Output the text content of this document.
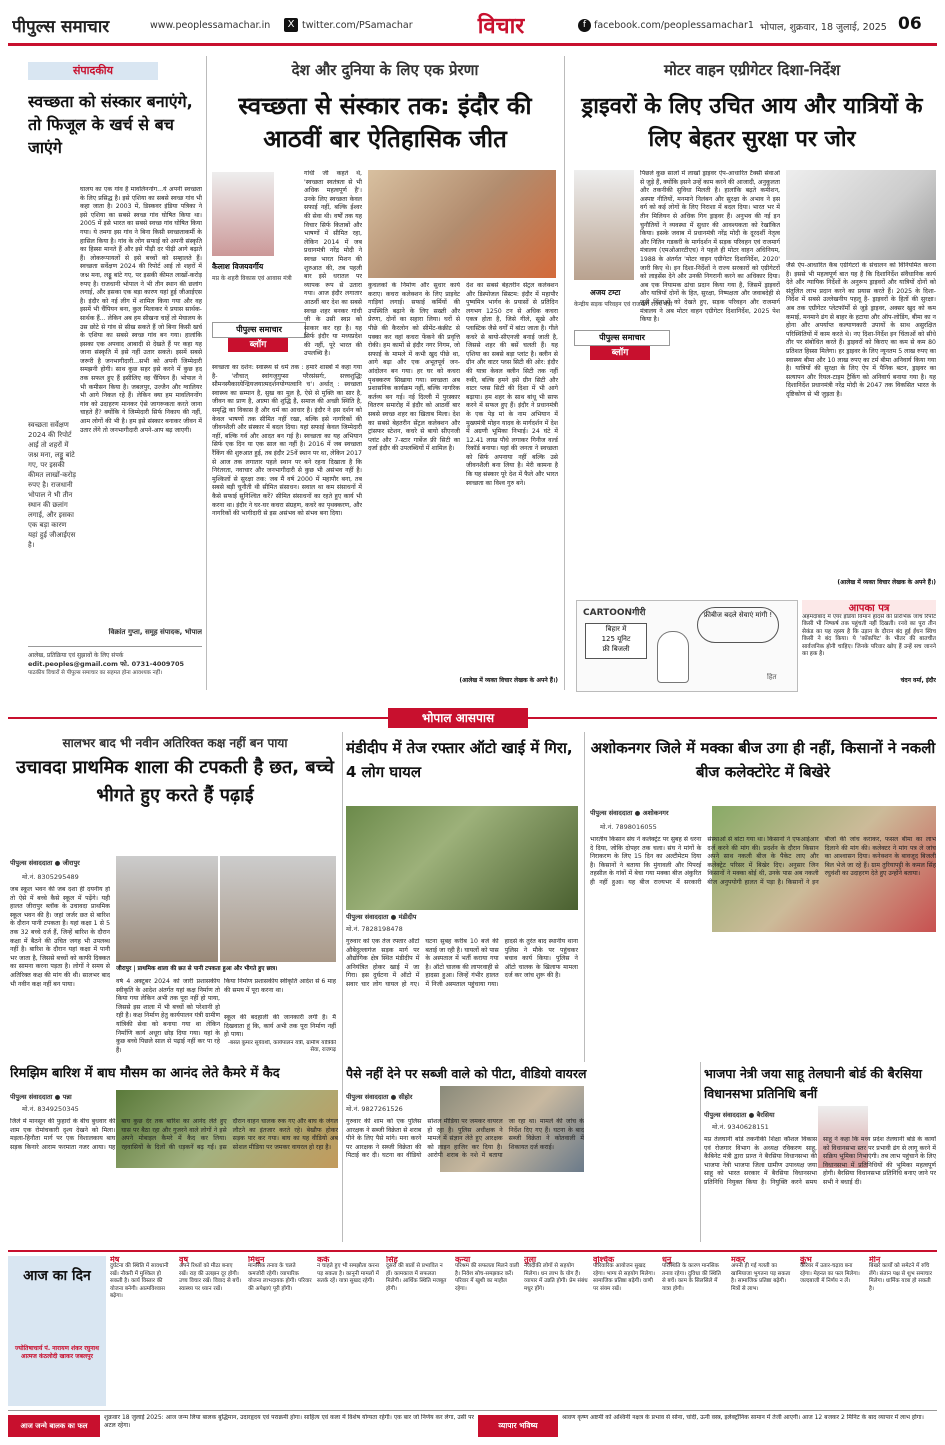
पीपुल्स समाचार	www.peoplessamachar.in	X twitter.com/PSamachar	विचार	f facebook.com/peoplessamachar1 भोपाल, शुक्रवार, 18 जुलाई, 2025 06
संपादकीय
स्वच्छता को संस्कार बनाएंगे, तो फिजूल के खर्च से बच जाएंगे
घालय का एक गांव है मावलिननोंग...ये अपनी स्वच्छता के लिए प्रसिद्ध है। इसे एशिया का सबसे स्वच्छ गांव भी कहा जाता है। 2003 में, डिस्कवर इंडिया पत्रिका ने इसे एशिया का सबसे स्वच्छ गांव घोषित किया था। 2005 में इसे भारत का सबसे स्वच्छ गांव घोषित किया गया। ये तमगा इस गांव ने बिना किसी स्वच्छताकर्मी के हासिल किया है। गांव के लोग सफाई को अपनी संस्कृति का हिस्सा मानते हैं और इसे पीढ़ी दर पीढ़ी आगे बढ़ाते हैं। लोकरूपायलों से इसे बच्चों को सम्हालते हैं। स्वच्छता सर्वेक्षण 2024 की रिपोर्ट आई तो शहरों में जश्न मना, लड्डू बांटे गए, पर इसकी कीमत लाखों-करोड़ रुपए है। राजधानी भोपाल ने भी तीन स्थान की छलांग लगाई, और इसका एक बड़ा कारण यहां हुई जीआईएस है। इंदौर को नई लीग में शामिल किया गया और वह इसमें भी चैंपियन बना, कुल मिलाकर ये प्रयास सार्थक-सार्थक हैं... लेकिन अब हम सीखना चाहें तो मेघालय के उस छोटे से गांव से सीख सकते हैं जो बिना किसी खर्च के एशिया का सबसे स्वच्छ गांव बन गया। हालांकि इसका एक अपवाद आबादी से देखते हैं पर कहा यह जाना संस्कृति में इसे नहीं उतार सकते। इसमें सबसे जरूरी है जनभागीदारी...सभी को अपनी जिम्मेदारी समझनी होगी। साथ कुछ सहर इसे करने में कुछ हद तक सफल हुए हैं इसीलिए वह चैंपियन हैं। भोपाल ने भी कमीसन किया है। जबलपुर, उज्जैन और ग्वालियर भी आगे निकल रहे हैं। लेकिन क्या हम मावलिननोंग गांव को उदाहरण मानकर ऐसे जागरूकता करते जाना चाहते हैं? क्योंकि ये जिम्मेदारी सिर्फ निकाय की नहीं, आम लोगों की भी है। हम इसे संस्कार बनाकर जीवन में उतार लेंगे तो जनभागीदारी अपने-आप बढ़ जाएगी।
स्वच्छता सर्वेक्षण 2024 की रिपोर्ट आई तो शहरों में जश्न मना, लड्डू बांटे गए, पर इसकी कीमत लाखों-करोड़ रुपए है। राजधानी भोपाल ने भी तीन स्थान की छलांग लगाई, और इसका एक बड़ा कारण यहां हुई जीआईएस है।
विक्रांत गुप्ता, समूह संपादक, भोपाल
आलेख, प्रतिक्रिया एवं सुझावों के लिए संपर्क
edit.peoples@gmail.com फो. 0731-4009705
पाठकीय विचारों से पीपुल्स समाचार का सहमत होना आवश्यक नहीं।
देश और दुनिया के लिए एक प्रेरणा
स्वच्छता से संस्कार तक: इंदौर की आठवीं बार ऐतिहासिक जीत
कैलाश विजयवर्गीय
मप्र के शहरी विकास एवं आवास मंत्री
पीपुल्स समाचार
ब्लॉग
गांधी जी कहते थे, 'स्वच्छता स्वतंत्रता से भी अधिक महत्वपूर्ण है'। उनके लिए स्वच्छता केवल सफाई नहीं, बल्कि ईश्वर की सेवा थी। वर्षों तक यह विचार सिर्फ किताबों और भाषणों में सीमित रहा, लेकिन 2014 में जब प्रधानमंत्री नरेंद्र मोदी ने स्वच्छ भारत मिशन की शुरुआत की, तब पहली बार इसे धरातल पर व्यापक रूप से उतारा गया। आज इंदौर लगातार आठवीं बार देश का सबसे स्वच्छ शहर बनकर गांधी जी के उसी स्वप्न को साकार कर रहा है। यह सिर्फ इंदौर या मध्यप्रदेश की नहीं, पूरे भारत की उपलब्धि है।
स्वच्छता का दर्शन: स्वास्थ्य से धर्म तक : हमारे शास्त्रों में कहा गया है- 'शौचात् स्वांगजुगुप्सा परैरसंसर्गः, सत्त्वशुद्धिः सौमनस्यैकाग्र्येन्द्रियजयात्मदर्शनयोग्यत्वानि च'। अर्थात् : स्वच्छता स्वास्थ्य का सम्मान है, सुख का मूल है, ऐसे से मुक्ति का सार है, जीवन का प्राण है, आत्मा की शुद्धि है, समाज की अच्छी स्थिति है, समृद्धि का विकास है और धर्म का आधार है। इंदौर ने इस दर्शन को केवल भाषणों तक सीमित नहीं रखा, बल्कि इसे नागरिकों की जीवनशैली और संस्कार में बदल दिया। यहां सफाई केवल जिम्मेदारी नहीं, बल्कि गर्व और आदत बन गई है। स्वच्छता का यह अभियान सिर्फ एक दिन या एक साल का नहीं है। 2016 में जब स्वच्छता रैंकिंग की शुरुआत हुई, तब इंदौर 25वें स्थान पर था, लेकिन 2017 से आज तक लगातार पहले स्थान पर बने रहना दिखाता है कि निरंतरता, नवाचार और जनभागीदारी से कुछ भी असंभव नहीं है। मुश्किलों से सुरक्षा तक: जब मैं वर्ष 2000 में महापौर बना, तब सबसे बड़ी चुनौती थी सीमित संसाधन। सवाल था कम संसाधनों में कैसे सफाई सुनिश्चित करें? सीमित संसाधनों का रहते हुए कार्य भी करना था। इंदौर ने घर-घर कचरा संग्रहण, कचरे का पृथक्करण, और नागरिकों की भागीदारी से इस असंभव को संभव बना दिया।
कुचलकों के निर्माण और सुधार कार्य कराए। कचरा कलेक्शन के लिए प्राइवेट गाड़ियां लगाई। सफाई कर्मियों की उपस्थिति बढ़ाने के लिए सख्ती और प्रेरणा, दोनों का सहारा लिया। घरों से पीछे की कैरलोन को सीमेंट-कंक्रीट से पक्का कर वहां कचरा फेंकने की प्रवृत्ति रोकी। हम कामों से इंदौर नगर निगम, जो सफाई के मामले में कभी खुद पीछे था, आगे बढ़ा और एक अभूतपूर्व जन-आंदोलन बन गया। हर घर को कचरा पृथक्करण सिखाया गया। स्वच्छता अब प्रशासनिक कार्यक्रम नहीं, बल्कि नागरिक कर्तव्य बन गई। नई दिल्ली में पुरस्कार वितरण समारोह में इंदौर को आठवीं बार सबसे स्वच्छ शहर का खिताब मिला। देश का सबसे बेहतरीन सेंट्रल कलेक्शन और ट्रांसफर स्टेशन, कचरे से बायो सीएनजी प्लांट और 7-स्टार गार्बेज फ्री सिटी का दर्जा इंदौर की उपलब्धियों में शामिल है।
देश का सबसे बेहतरीन सेंट्रल कलेक्शन और डिस्पोजल सिस्टम: इंदौर में महापौर पुष्यमित्र भार्गव के प्रयासों से प्रतिदिन लगभग 1250 टन से अधिक कचरा एकत्र होता है, जिसे गीले, सूखे और प्लास्टिक जैसे वर्गों में बांटा जाता है। गीले कचरे से बायो-सीएनजी बनाई जाती है, जिससे शहर की बसें चलती हैं। यह एशिया का सबसे बड़ा प्लांट है। क्लीन से ग्रीन और वाटर प्लस सिटी की ओर: इंदौर की यात्रा केवल क्लीन सिटी तक नहीं रुकी, बल्कि हमने इसे ग्रीन सिटी और वाटर प्लस सिटी की दिशा में भी आगे बढ़ाया। हम शहर के साथ बांधू भी साफ करने में सफल हुए हैं। इंदौर ने प्रधानमंत्री के एक पेड़ मां के नाम अभियान में मुख्यमंत्री मोहन यादव के मार्गदर्शन में देश में अग्रणी भूमिका निभाई। 24 घंटे में 12.41 लाख पौधे लगाकर गिनीज वर्ल्ड रिकॉर्ड बनाया। यहां की जनता ने स्वच्छता को सिर्फ अपनाया नहीं बल्कि उसे जीवनशैली बना लिया है। मेरी कामना है कि यह संस्कार पूरे देश में फैले और भारत स्वच्छता का विश्व गुरु बने।
(आलेख में व्यक्त विचार लेखक के अपने हैं।)
मोटर वाहन एग्रीगेटर दिशा-निर्देश
ड्राइवरों के लिए उचित आय और यात्रियों के लिए बेहतर सुरक्षा पर जोर
अजय टम्टा
केन्द्रीय सड़क परिवहन एवं राजमार्ग राज्य मंत्री
पीपुल्स समाचार
ब्लॉग
पिछले कुछ सालों में लाखों ड्राइवर ऐप-आधारित टैक्सी सेवाओं से जुड़े हैं, क्योंकि इसने उन्हें काम करने की आजादी, अनुकूलता और तकनीकी सुविधा मिलती है। हालांकि बढ़ते कमीशन, अस्पष्ट नीतियों, मनमाने निलंबन और सुरक्षा के अभाव ने इस वर्ग को कई लोगों के लिए निराशा में बदल दिया। भारत भर में तीन मिलियन से अधिक गिग ड्राइवर हैं। अनुभव की नई इन चुनौतियों ने व्यवस्था में सुधार की आवश्यकता को रेखांकित किया। इसके जवाब में प्रधानमंत्री नरेंद्र मोदी के दूरदर्शी नेतृत्व और नितिन गडकरी के मार्गदर्शन में सड़क परिवहन एवं राजमार्ग मंत्रालय (एमओआरटीएच) ने पहले ही मोटर वाहन अधिनियम, 1988 के अंतर्गत 'मोटर वाहन एग्रीगेटर दिशानिर्देश, 2020' जारी किए थे। इन दिशा-निर्देशों ने राज्य सरकारों को एग्रीगेटरों को लाइसेंस देने और उनकी निगरानी करने का अधिकार दिया। अब एक नियामक ढांचा प्रदान किया गया है, जिसमें ड्राइवरों और यात्रियों दोनों के हित, सुरक्षा, निष्पक्षता और जवाबदेही से जुड़ी चिंताओं को देखते हुए, सड़क परिवहन और राजमार्ग मंत्रालय ने अब मोटर वाहन एग्रीगेटर दिशानिर्देश, 2025 पेश किया है।
जैसे ऐप-आधारित कैब एग्रीगेटरों के संचालन को विनियमित करना है। इससे भी महत्वपूर्ण बात यह है कि दिशानिर्देश संवैधानिक कार्य देते और न्यायिक निर्देशों के अनुरूप ड्राइवरों और यात्रियों दोनों को संतुलित लाभ प्रदान करने का प्रयास करते हैं। 2025 के दिशा-निर्देश में सबसे उल्लेखनीय पहलू है- ड्राइवरों के हितों की सुरक्षा। अब तक एग्रीगेटर प्लेटफॉर्मों से जुड़े ड्राइवर, अक्सर खुद को कम कमाई, मनमाने ढंग से बाहर के हटाया और ऑप-लोडिंग, बीमा का न होना और अपर्याप्त कल्याणकारी उपायों के साथ असुरक्षित परिस्थितियों में काम करते थे। नए दिशा-निर्देश इन चिंताओं को सीधे तौर पर संबोधित करते हैं। ड्राइवरों को किराए का कम से कम 80 प्रतिशत हिस्सा मिलेगा। हर ड्राइवर के लिए न्यूनतम 5 लाख रुपए का स्वास्थ्य बीमा और 10 लाख रुपए का टर्म बीमा अनिवार्य किया गया है। यात्रियों की सुरक्षा के लिए ऐप में पैनिक बटन, ड्राइवर का सत्यापन और रियल-टाइम ट्रैकिंग को अनिवार्य बनाया गया है। यह दिशानिर्देश प्रधानमंत्री नरेंद्र मोदी के 2047 तक विकसित भारत के दृष्टिकोण से भी जुड़ता है।
(आलेख में व्यक्त विचार लेखक के अपने हैं।)
CARTOONगीरी	फ्रीबीज बदले सेवाएं मांगी !
बिहार में
125 यूनिट
फ्री बिजली
हित
आपका पत्र
अहमदाबाद में एयर इंडिया विमान हादसे की प्रारंभिक जांच रिपोर्ट किसी भी निष्कर्ष तक पहुंचती नहीं दिखती। रनवे का पूरा तीन सेकंड का यह रहस्य है कि उड़ान के दौरान बंद हुई ईंधन स्विच किसी ने बंद किया। ये 'कॉकपिट' के भीतर की बातचीत सार्वजनिक होनी चाहिए। जिनके परिवार खोए हैं उन्हें सच जानने का हक है।
चंदन वर्मा, इंदौर
भोपाल आसपास
सालभर बाद भी नवीन अतिरिक्त कक्ष नहीं बन पाया
उचावदा प्राथमिक शाला की टपकती है छत, बच्चे भीगते हुए करते हैं पढ़ाई
पीपुल्स संवाददाता ● जीरापुर
मो.नं. 8305295489
जब स्कूल भवन की जब दशा ही दयनीय हो तो ऐसे में बच्चे कैसे स्कूल में पढ़ेंगे। यही हालत जीरापुर ब्लॉक के उचावदा प्राथमिक स्कूल भवन की है। जहां जर्जर छत से बारिश के दौरान पानी टपकता है। यहां कक्षा 1 से 5 तक 32 बच्चे दर्ज हैं, जिन्हें बारिश के दौरान कक्षा में बैठने की उचित जगह भी उपलब्ध नहीं है। बारिश के दौरान यहां कक्षा में पानी भर जाता है, जिससे बच्चों को काफी दिक्कत का सामना करना पड़ता है। लोगों ने समय से अतिरिक्त कक्ष की मांग की थी। सालभर बाद भी नवीन कक्ष नहीं बन पाया।
जीरापुर | प्राथमिक शाला की छत से पानी टपकता हुआ और भीगते हुए छात्र।
वर्ष 4 अक्टूबर 2024 को जारी प्रशासकीय स्वीकृति के आदेश अंतर्गत यहां कक्ष निर्माण तो किया गया लेकिन अभी तक पूरा नहीं हो पाया, जिससे इस शाला में भी बच्चों को परेशानी हो रही है। कक्ष निर्माण हेतु कार्यपालन यंत्री ग्रामीण यांत्रिकी सेवा को बनाया गया था लेकिन निर्माणि कार्य अधूरा छोड़ दिया गया। यहां के कुछ बच्चे पिछले साल से पढ़ाई नहीं कर पा रहे हैं।
किया निर्माण प्रशासकीय स्वीकृति आदेश से 6 माह की समय में पूरा करना था।
स्कूल की बदहाली की जानकारी लगी है। मैं दिखवाता हूं कि, कार्य अभी तक पूरा निर्माण नहीं हो पाया।
-बसंत कुमार सूर्यवंशी, कार्यपालन यंत्री, ग्रामीण यांत्रिकी सेवा, राजगढ़
मंडीदीप में तेज रफ्तार ऑटो खाई में गिरा, 4 लोग घायल
पीपुल्स संवाददाता ● मंडीदीप
मो.नं. 7828198478
गुरुवार को एक तेज रफ्तार ऑटो औबेदुल्लागंज सड़क मार्ग पर औद्योगिक क्षेत्र स्थित मंडीदीप में अनियंत्रित होकर खाई में जा गिरा। इस दुर्घटना में ऑटो में सवार चार लोग घायल हो गए। घटना सुबह करीब 10 बजे की बताई जा रही है। घायलों को पास के अस्पताल में भर्ती कराया गया है। ऑटो चालक की लापरवाही से हादसा हुआ। जिन्हें गंभीर हालत में निजी अस्पताल पहुंचाया गया। हादसे के तुरंत बाद स्थानीय थाना पुलिस ने मौके पर पहुंचकर बचाव कार्य किया। पुलिस ने ऑटो चालक के खिलाफ मामला दर्ज कर जांच शुरू की है।
अशोकनगर जिले में मक्का बीज उगा ही नहीं, किसानों ने नकली बीज कलेक्टोरेट में बिखेरे
पीपुल्स संवाददाता ● अशोकनगर
मो.नं. 7898016055
भारतीय किसान संघ ने कलेक्ट्रेट पर सुबह से धरना दे दिया, जोकि दोपहर तक चला। संघ ने मांगों के निराकरण के लिए 15 दिन का अल्टीमेटम दिया है। किसानों ने बताया कि मुंगावली और पिपरई तहसील के गांवों में बेचा गया मक्का बीज अंकुरित ही नहीं हुआ। यह बीज राज्यभर में सरकारी संस्थाओं से बांटा गया था। किसानों ने एफआईआर दर्ज करने की मांग की। प्रदर्शन के दौरान किसान अपने साथ नकली बीज के पैकेट लाए और कलेक्ट्रेट परिसर में बिखेर दिए। अनुसार जिन किसानों ने मक्का बोई थी, उनके पास अब नकली बीज अनुपयोगी हालत में पड़ा है। किसानों ने इन बीजों की जांच कराकर, फसल बीमा का लाभ दिलाने की मांग की। कलेक्टर ने मांग पत्र ले जांच का आश्वासन दिया। कनेक्शन के बावजूद बिजली बिल भेजे जा रहे हैं। ग्राम तुरियापट्टी के कमल सिंह रघुवंशी का उदाहरण देते हुए उन्होंने बताया।
रिमझिम बारिश में बाघ मौसम का आनंद लेते कैमरे में कैद
पीपुल्स संवाददाता ● पन्ना
मो.नं. 8349250345
जिले में मानसून की फुहारों के बीच बुधवार की शाम एक रोमांचकारी दृश्य देखने को मिला। मड़ला-हिनौता मार्ग पर एक विशालकाय बाघ सड़क किनारे आराम फरमाता नजर आया। यह बाघ कुछ देर तक बारिश का आनंद लेते हुए घास पर बैठा रहा और गुजरने वाले लोगों ने इसे अपने मोबाइल कैमरे में कैद कर लिया। रहवासियों के दिलों की धड़कनें बढ़ गईं। इस दौरान वाहन चालक रुक गए और बाघ के जंगल लौटने का इंतजार करते रहे। बेखौफ होकर सड़क पार कर गया। बाघ का यह वीडियो अब सोशल मीडिया पर जमकर वायरल हो रहा है।
पैसे नहीं देने पर सब्जी वाले को पीटा, वीडियो वायरल
पीपुल्स संवाददाता ● सीहोर
मो.नं. 9827261526
गुरुवार की शाम को एक पुलिस आरक्षक ने सब्जी विक्रेता से शराब पीने के लिए पैसे मांगे। मना करने पर आरक्षक ने सब्जी विक्रेता की पिटाई कर दी। घटना का वीडियो सोशल मीडिया पर जमकर वायरल हो रहा है। पुलिस अधीक्षक ने मामले में संज्ञान लेते हुए आरक्षक को लाइन हाजिर कर दिया है। आरोपी शराब के नशे में बताया जा रहा था। मामले की जांच के निर्देश दिए गए हैं। घटना के बाद सब्जी विक्रेता ने कोतवाली में शिकायत दर्ज कराई।
भाजपा नेत्री जया साहू तेलघानी बोर्ड की बैरसिया विधानसभा प्रतिनिधि बनीं
पीपुल्स संवाददाता ● बैरसिया
मो.नं. 9340628151
मप्र तेलघानी बोर्ड तकनीकी शिक्षा कौशल विकास एवं रोजगार विभाग के अध्यक्ष रविकरण साहू, कैबिनेट मंत्री द्वारा प्रान्त ने बैरसिया विधानसभा की भाजपा नेत्री भाजपा जिला ग्रामीण उपाध्यक्ष जया साहू को भारत सरकार में बैरसिया विधानसभा प्रतिनिधि नियुक्त किया है। नियुक्ति करने समय साहू ने कहा कि मध्य प्रदेश तेलघानी बोर्ड के कार्यों को विधानसभा स्तर पर प्रभावी ढंग से लागू करने में सक्रिय भूमिका निभाएंगी। तब लाभ पहुंचाने के लिए विधानसभा में प्रतिनिधियों की भूमिका महत्वपूर्ण होगी। बैरसिया विधानसभा प्रतिनिधि बनाए जाने पर सभी ने बधाई दी।
आज का दिन
ज्योतिषाचार्य पं. नारायण शंकर रघुनाथ आत्मज कंठलोदी खाकर जबलपुर
मेष
दुर्घटना की स्थिति में सावधानी रखें। नौकरी में मुश्किल हो सकती है। कार्य विस्तार की योजना बनेगी। आत्मविश्वास बढ़ेगा।
वृष
अपने रिश्तों को मीठा बनाए रखें। राह की उलझन दूर होगी। उच्च विचार रखें। विवाद से बचें। स्वास्थ्य पर ध्यान रखें।
मिथुन
मानसिक तनाव के चलते कमजोरी रहेगी। व्यापारिक योजना लाभदायक होगी। परिवार की अपेक्षाएं पूरी होंगी।
कर्क
न चाहते हुए भी समझौता करना पड़ सकता है। कानूनी मामलों में सतर्क रहें। यात्रा सुखद रहेगी।
सिंह
दूसरों की बातों से प्रभावित न हों। कामकाज में सफलता मिलेगी। आर्थिक स्थिति मजबूत होगी।
कन्या
परिश्रम की सफलता मिलने वाली है। निवेश सोच-समझकर करें। परिवार में खुशी का माहौल रहेगा।
तुला
नजदीकी लोगों से सहयोग मिलेगा। धन लाभ के योग हैं। व्यापार में उन्नति होगी। प्रेम संबंध मधुर होंगे।
वृश्चिक
पारिवारिक आयोजन सुखद रहेगा। भाग्य से सहयोग मिलेगा। सामाजिक प्रतिष्ठा बढ़ेगी। वाणी पर संयम रखें।
धनु
परिस्थिति के कारण मानसिक तनाव रहेगा। दुविधा की स्थिति से बचें। काम के सिलसिले में यात्रा होगी।
मकर
अपनी ही गई गलती का खामियाजा भुगतना पड़ सकता है। सामाजिक प्रतिष्ठा बढ़ेगी। मित्रों से लाभ।
कुंभ
कैरियर में उतार-चढ़ाव बना रहेगा। मेहनत का फल मिलेगा। जल्दबाजी में निर्णय न लें।
मीन
बिखरे कार्यों को समेटने में रुचि लेंगे। संतान पक्ष से शुभ समाचार मिलेगा। धार्मिक यात्रा हो सकती है।
आज जन्मे बालक का फल
शुक्रवार 18 जुलाई 2025: आज जन्म लिया बालक बुद्धिमान, उदारहृदय एवं पराक्रमी होगा। साहित्य एवं कला में विशेष योग्यता रहेगी। एक बार जो निर्णय कर लेगा, उसी पर अटल रहेगा।	व्यापार भविष्य
श्रावण कृष्ण अष्टमी को अश्विनी नक्षत्र के प्रभाव से सोना, चांदी, ऊनी वस्त्र, इलेक्ट्रॉनिक सामान में तेजी आएगी। आज 12 बजकर 2 मिनिट के बाद व्यापार में लाभ होगा।
